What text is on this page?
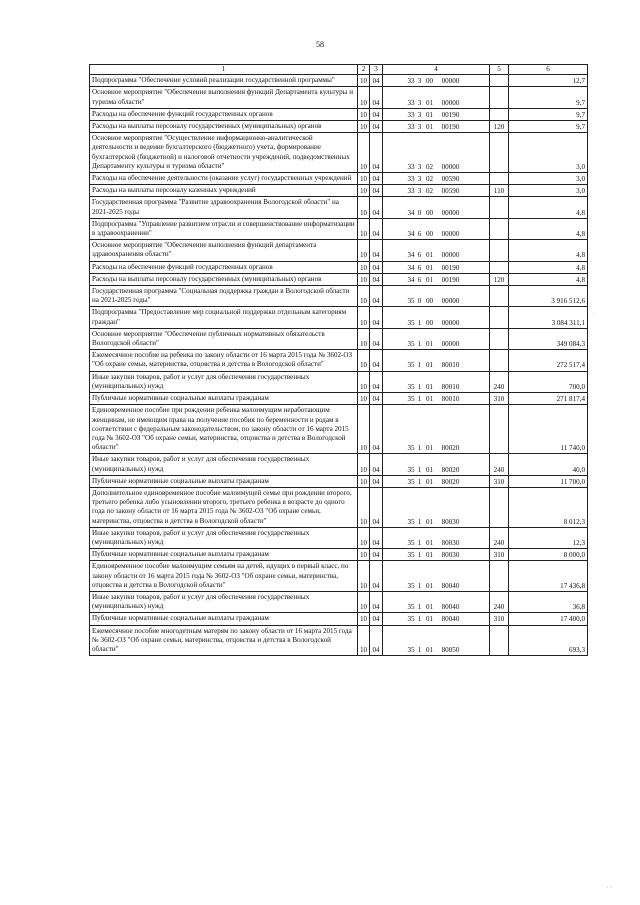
58
1	2	3	4	5	6
Подпрограмма "Обеспечение условий реализации государственной программы"	10	04	33 3 00 00000		12,7
Основное мероприятие "Обеспечение выполнения функций Департамента культуры и туризма области"	10	04	33 3 01 00000		9,7
Расходы на обеспечение функций государственных органов	10	04	33 3 01 00190		9,7
Расходы на выплаты персоналу государственных (муниципальных) органов	10	04	33 3 01 00190	120	9,7
Основное мероприятие "Осуществление информационно-аналитической деятельности и ведение бухгалтерского (бюджетного) учета, формирование бухгалтерской (бюджетной) и налоговой отчетности учреждений, подведомственных Департаменту культуры и туризма области"	10	04	33 3 02 00000		3,0
Расходы на обеспечение деятельности (оказание услуг) государственных учреждений	10	04	33 3 02 00590		3,0
Расходы на выплаты персоналу казенных учреждений	10	04	33 3 02 00590	110	3,0
Государственная программа "Развитие здравоохранения Вологодской области" на 2021-2025 годы	10	04	34 0 00 00000		4,8
Подпрограмма "Управление развитием отрасли и совершенствование информатизации в здравоохранении"	10	04	34 6 00 00000		4,8
Основное мероприятие "Обеспечение выполнения функций департамента здравоохранения области"	10	04	34 6 01 00000		4,8
Расходы на обеспечение функций государственных органов	10	04	34 6 01 00190		4,8
Расходы на выплаты персоналу государственных (муниципальных) органов	10	04	34 6 01 00190	120	4,8
Государственная программа "Социальная поддержка граждан в Вологодской области на 2021-2025 годы"	10	04	35 0 00 00000		3 916 512,6
Подпрограмма "Предоставление мер социальной поддержки отдельным категориям граждан"	10	04	35 1 00 00000		3 084 311,1
Основное мероприятие "Обеспечение публичных нормативных обязательств Вологодской области"	10	04	35 1 01 00000		349 084,3
Ежемесячное пособие на ребенка по закону области от 16 марта 2015 года № 3602-ОЗ "Об охране семьи, материнства, отцовства и детства в Вологодской области"	10	04	35 1 01 80010		272 517,4
Иные закупки товаров, работ и услуг для обеспечения государственных (муниципальных) нужд	10	04	35 1 01 80010	240	700,0
Публичные нормативные социальные выплаты гражданам	10	04	35 1 01 80010	310	271 817,4
Единовременное пособие при рождении ребенка малоимущим неработающим женщинам, не имеющим права на получение пособия по беременности и родам в соответствии с федеральным законодательством, по закону области от 16 марта 2015 года № 3602-ОЗ "Об охране семьи, материнства, отцовства и детства в Вологодской области"	10	04	35 1 01 80020		11 740,0
Иные закупки товаров, работ и услуг для обеспечения государственных (муниципальных) нужд	10	04	35 1 01 80020	240	40,0
Публичные нормативные социальные выплаты гражданам	10	04	35 1 01 80020	310	11 700,0
Дополнительное единовременное пособие малоимущей семье при рождении второго, третьего ребенка либо усыновлении второго, третьего ребенка в возрасте до одного года по закону области от 16 марта 2015 года № 3602-ОЗ "Об охране семьи, материнства, отцовства и детства в Вологодской области"	10	04	35 1 01 80030		8 012,3
Иные закупки товаров, работ и услуг для обеспечения государственных (муниципальных) нужд	10	04	35 1 01 80030	240	12,3
Публичные нормативные социальные выплаты гражданам	10	04	35 1 01 80030	310	8 000,0
Единовременное пособие малоимущим семьям на детей, идущих в первый класс, по закону области от 16 марта 2015 года № 3602-ОЗ "Об охране семьи, материнства, отцовства и детства в Вологодской области"	10	04	35 1 01 80040		17 436,8
Иные закупки товаров, работ и услуг для обеспечения государственных (муниципальных) нужд	10	04	35 1 01 80040	240	36,8
Публичные нормативные социальные выплаты гражданам	10	04	35 1 01 80040	310	17 400,0
Ежемесячное пособие многодетным матерям по закону области от 16 марта 2015 года № 3602-ОЗ "Об охране семьи, материнства, отцовства и детства в Вологодской области"	10	04	35 1 01 80050		693,3
·
· ·
